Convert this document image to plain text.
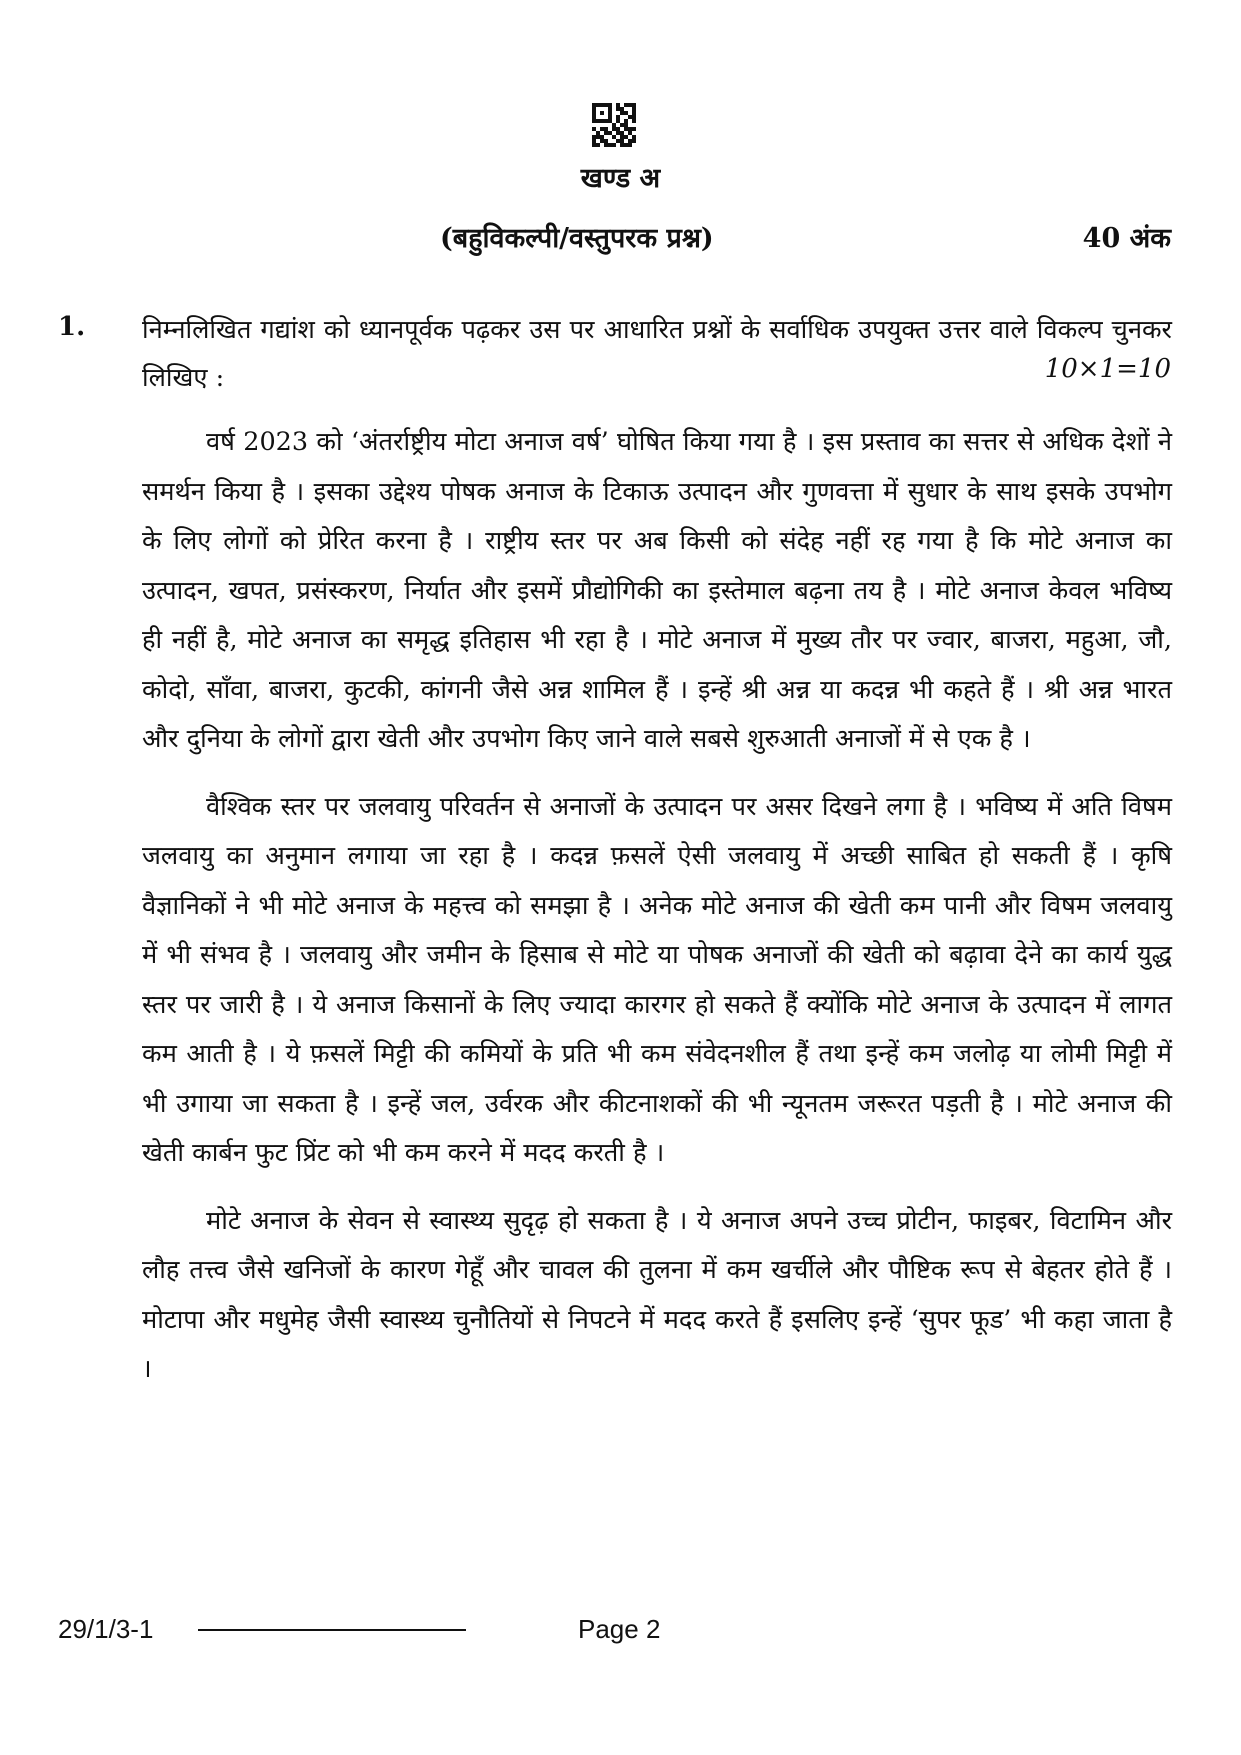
खण्ड अ
(बहुविकल्पी/वस्तुपरक प्रश्न)	40 अंक
1. निम्नलिखित गद्यांश को ध्यानपूर्वक पढ़कर उस पर आधारित प्रश्नों के सर्वाधिक उपयुक्त उत्तर वाले विकल्प चुनकर लिखिए :	10×1=10

वर्ष 2023 को ‘अंतर्राष्ट्रीय मोटा अनाज वर्ष’ घोषित किया गया है । इस प्रस्ताव का सत्तर से अधिक देशों ने समर्थन किया है । इसका उद्देश्य पोषक अनाज के टिकाऊ उत्पादन और गुणवत्ता में सुधार के साथ इसके उपभोग के लिए लोगों को प्रेरित करना है । राष्ट्रीय स्तर पर अब किसी को संदेह नहीं रह गया है कि मोटे अनाज का उत्पादन, खपत, प्रसंस्करण, निर्यात और इसमें प्रौद्योगिकी का इस्तेमाल बढ़ना तय है । मोटे अनाज केवल भविष्य ही नहीं है, मोटे अनाज का समृद्ध इतिहास भी रहा है । मोटे अनाज में मुख्य तौर पर ज्वार, बाजरा, महुआ, जौ, कोदो, साँवा, बाजरा, कुटकी, कांगनी जैसे अन्न शामिल हैं । इन्हें श्री अन्न या कदन्न भी कहते हैं । श्री अन्न भारत और दुनिया के लोगों द्वारा खेती और उपभोग किए जाने वाले सबसे शुरुआती अनाजों में से एक है ।

वैश्विक स्तर पर जलवायु परिवर्तन से अनाजों के उत्पादन पर असर दिखने लगा है । भविष्य में अति विषम जलवायु का अनुमान लगाया जा रहा है । कदन्न फ़सलें ऐसी जलवायु में अच्छी साबित हो सकती हैं । कृषि वैज्ञानिकों ने भी मोटे अनाज के महत्त्व को समझा है । अनेक मोटे अनाज की खेती कम पानी और विषम जलवायु में भी संभव है । जलवायु और जमीन के हिसाब से मोटे या पोषक अनाजों की खेती को बढ़ावा देने का कार्य युद्ध स्तर पर जारी है । ये अनाज किसानों के लिए ज्यादा कारगर हो सकते हैं क्योंकि मोटे अनाज के उत्पादन में लागत कम आती है । ये फ़सलें मिट्टी की कमियों के प्रति भी कम संवेदनशील हैं तथा इन्हें कम जलोढ़ या लोमी मिट्टी में भी उगाया जा सकता है । इन्हें जल, उर्वरक और कीटनाशकों की भी न्यूनतम जरूरत पड़ती है । मोटे अनाज की खेती कार्बन फुट प्रिंट को भी कम करने में मदद करती है ।

मोटे अनाज के सेवन से स्वास्थ्य सुदृढ़ हो सकता है । ये अनाज अपने उच्च प्रोटीन, फाइबर, विटामिन और लौह तत्त्व जैसे खनिजों के कारण गेहूँ और चावल की तुलना में कम खर्चीले और पौष्टिक रूप से बेहतर होते हैं । मोटापा और मधुमेह जैसी स्वास्थ्य चुनौतियों से निपटने में मदद करते हैं इसलिए इन्हें ‘सुपर फूड’ भी कहा जाता है ।

29/1/3-1	Page 2
